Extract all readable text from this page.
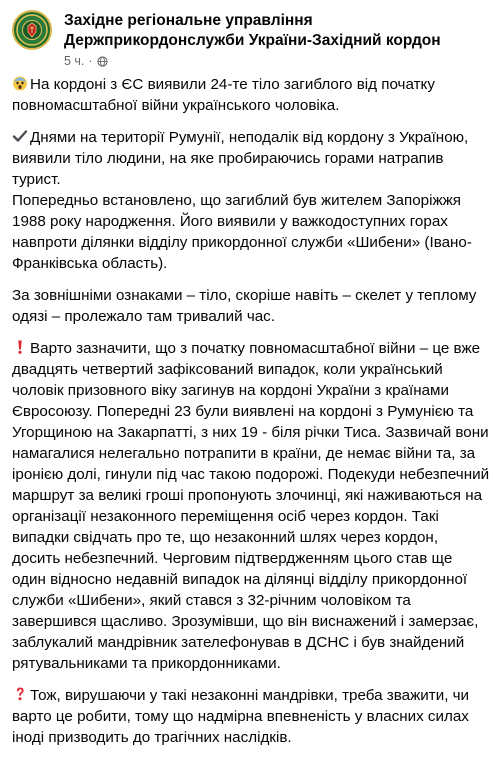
Західне регіональне управління Держприкордонслужби України-Західний кордон
5 ч. ·

На кордоні з ЄС виявили 24-те тіло загиблого від початку повномасштабної війни українського чоловіка.

Днями на території Румунії, неподалік від кордону з Україною, виявили тіло людини, на яке пробираючись горами натрапив турист.

Попередньо встановлено, що загиблий був жителем Запоріжжя 1988 року народження. Його виявили у важкодоступних горах навпроти ділянки відділу прикордонної служби «Шибени» (Івано-Франківська область).

За зовнішніми ознаками – тіло, скоріше навіть – скелет у теплому одязі – пролежало там тривалий час.

Варто зазначити, що з початку повномасштабної війни – це вже двадцять четвертий зафіксований випадок, коли український чоловік призовного віку загинув на кордоні України з країнами Євросоюзу. Попередні 23 були виявлені на кордоні з Румунією та Угорщиною на Закарпатті, з них 19 - біля річки Тиса. Зазвичай вони намагалися нелегально потрапити в країни, де немає війни та, за іронією долі, гинули під час такою подорожі. Подекуди небезпечний маршрут за великі гроші пропонують злочинці, які наживаються на організації незаконного переміщення осіб через кордон. Такі випадки свідчать про те, що незаконний шлях через кордон, досить небезпечний. Черговим підтвердженням цього став ще один відносно недавній випадок на ділянці відділу прикордонної служби «Шибени», який стався з 32-річним чоловіком та завершився щасливо. Зрозумівши, що він виснажений і замерзає, заблукалий мандрівник зателефонував в ДСНС і був знайдений рятувальниками та прикордонниками.

Тож, вирушаючи у такі незаконні мандрівки, треба зважити, чи варто це робити, тому що надмірна впевненість у власних силах іноді призводить до трагічних наслідків.
